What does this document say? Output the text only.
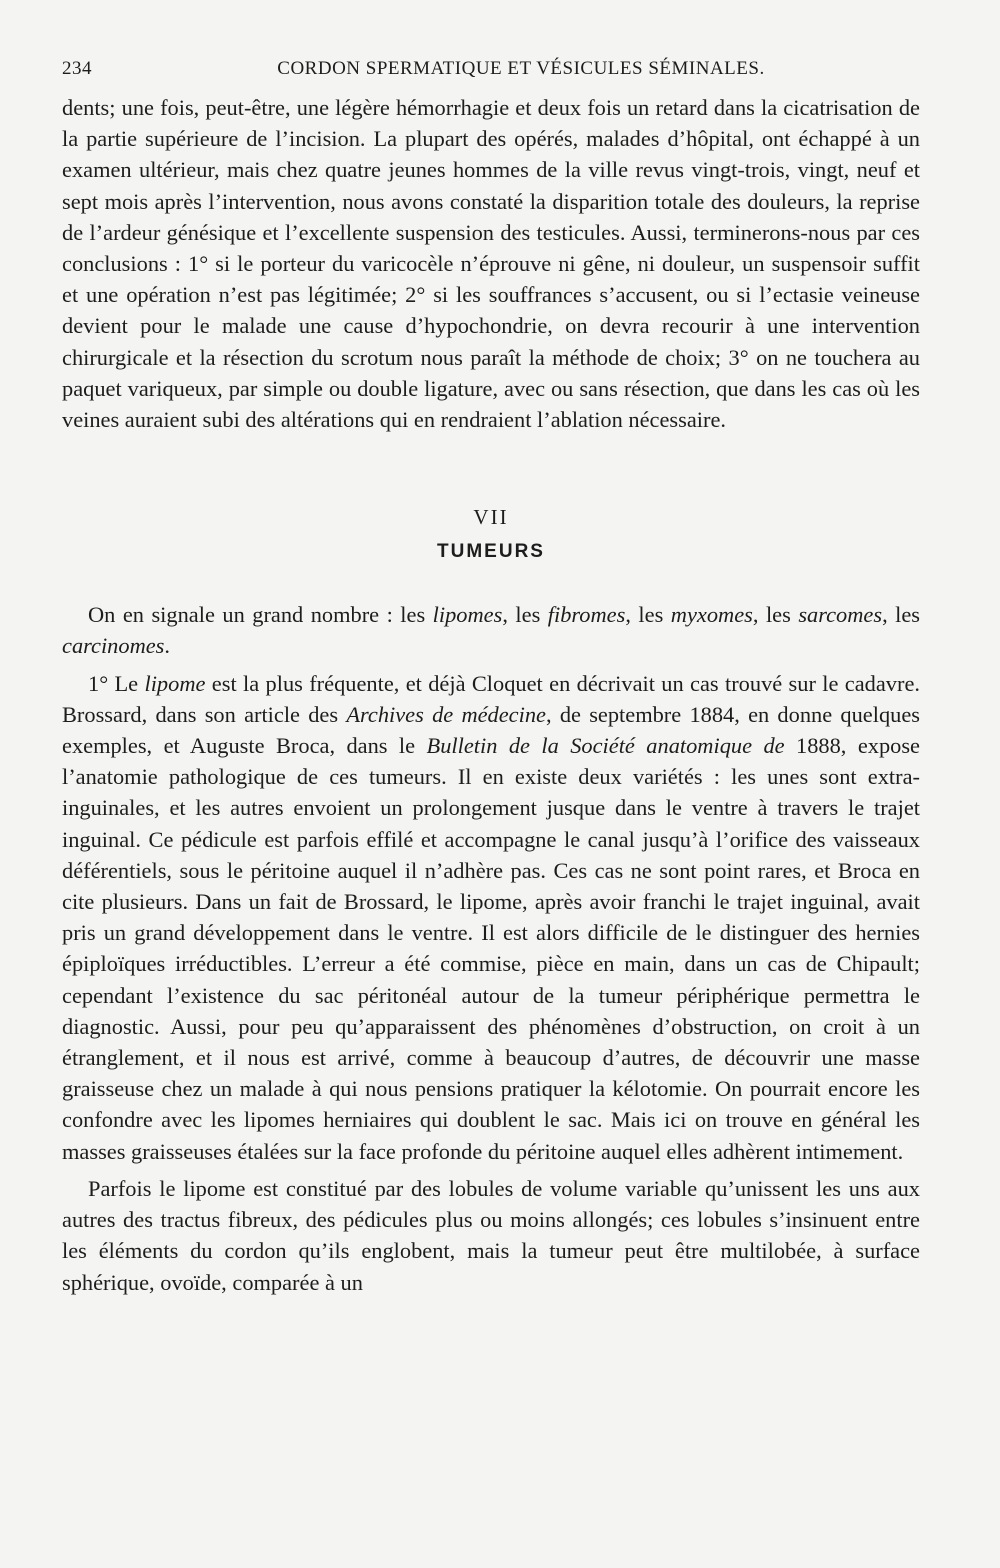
234	CORDON SPERMATIQUE ET VÉSICULES SÉMINALES.

dents; une fois, peut-être, une légère hémorrhagie et deux fois un retard dans la cicatrisation de la partie supérieure de l’incision. La plupart des opérés, malades d’hôpital, ont échappé à un examen ultérieur, mais chez quatre jeunes hommes de la ville revus vingt-trois, vingt, neuf et sept mois après l’intervention, nous avons constaté la disparition totale des douleurs, la reprise de l’ardeur génésique et l’excellente suspension des testicules. Aussi, terminerons-nous par ces conclusions : 1° si le porteur du varicocèle n’éprouve ni gêne, ni douleur, un suspensoir suffit et une opération n’est pas légitimée; 2° si les souffrances s’accusent, ou si l’ectasie veineuse devient pour le malade une cause d’hypochondrie, on devra recourir à une intervention chirurgicale et la résection du scrotum nous paraît la méthode de choix; 3° on ne touchera au paquet variqueux, par simple ou double ligature, avec ou sans résection, que dans les cas où les veines auraient subi des altérations qui en rendraient l’ablation nécessaire.

VII
TUMEURS

On en signale un grand nombre : les lipomes, les fibromes, les myxomes, les sarcomes, les carcinomes.

1° Le lipome est la plus fréquente, et déjà Cloquet en décrivait un cas trouvé sur le cadavre. Brossard, dans son article des Archives de médecine, de septembre 1884, en donne quelques exemples, et Auguste Broca, dans le Bulletin de la Société anatomique de 1888, expose l’anatomie pathologique de ces tumeurs. Il en existe deux variétés : les unes sont extra-inguinales, et les autres envoient un prolongement jusque dans le ventre à travers le trajet inguinal. Ce pédicule est parfois effilé et accompagne le canal jusqu’à l’orifice des vaisseaux déférentiels, sous le péritoine auquel il n’adhère pas. Ces cas ne sont point rares, et Broca en cite plusieurs. Dans un fait de Brossard, le lipome, après avoir franchi le trajet inguinal, avait pris un grand développement dans le ventre. Il est alors difficile de le distinguer des hernies épiploïques irréductibles. L’erreur a été commise, pièce en main, dans un cas de Chipault; cependant l’existence du sac péritonéal autour de la tumeur périphérique permettra le diagnostic. Aussi, pour peu qu’apparaissent des phénomènes d’obstruction, on croit à un étranglement, et il nous est arrivé, comme à beaucoup d’autres, de découvrir une masse graisseuse chez un malade à qui nous pensions pratiquer la kélotomie. On pourrait encore les confondre avec les lipomes herniaires qui doublent le sac. Mais ici on trouve en général les masses graisseuses étalées sur la face profonde du péritoine auquel elles adhèrent intimement.

Parfois le lipome est constitué par des lobules de volume variable qu’unissent les uns aux autres des tractus fibreux, des pédicules plus ou moins allongés; ces lobules s’insinuent entre les éléments du cordon qu’ils englobent, mais la tumeur peut être multilobée, à surface sphérique, ovoïde, comparée à un
